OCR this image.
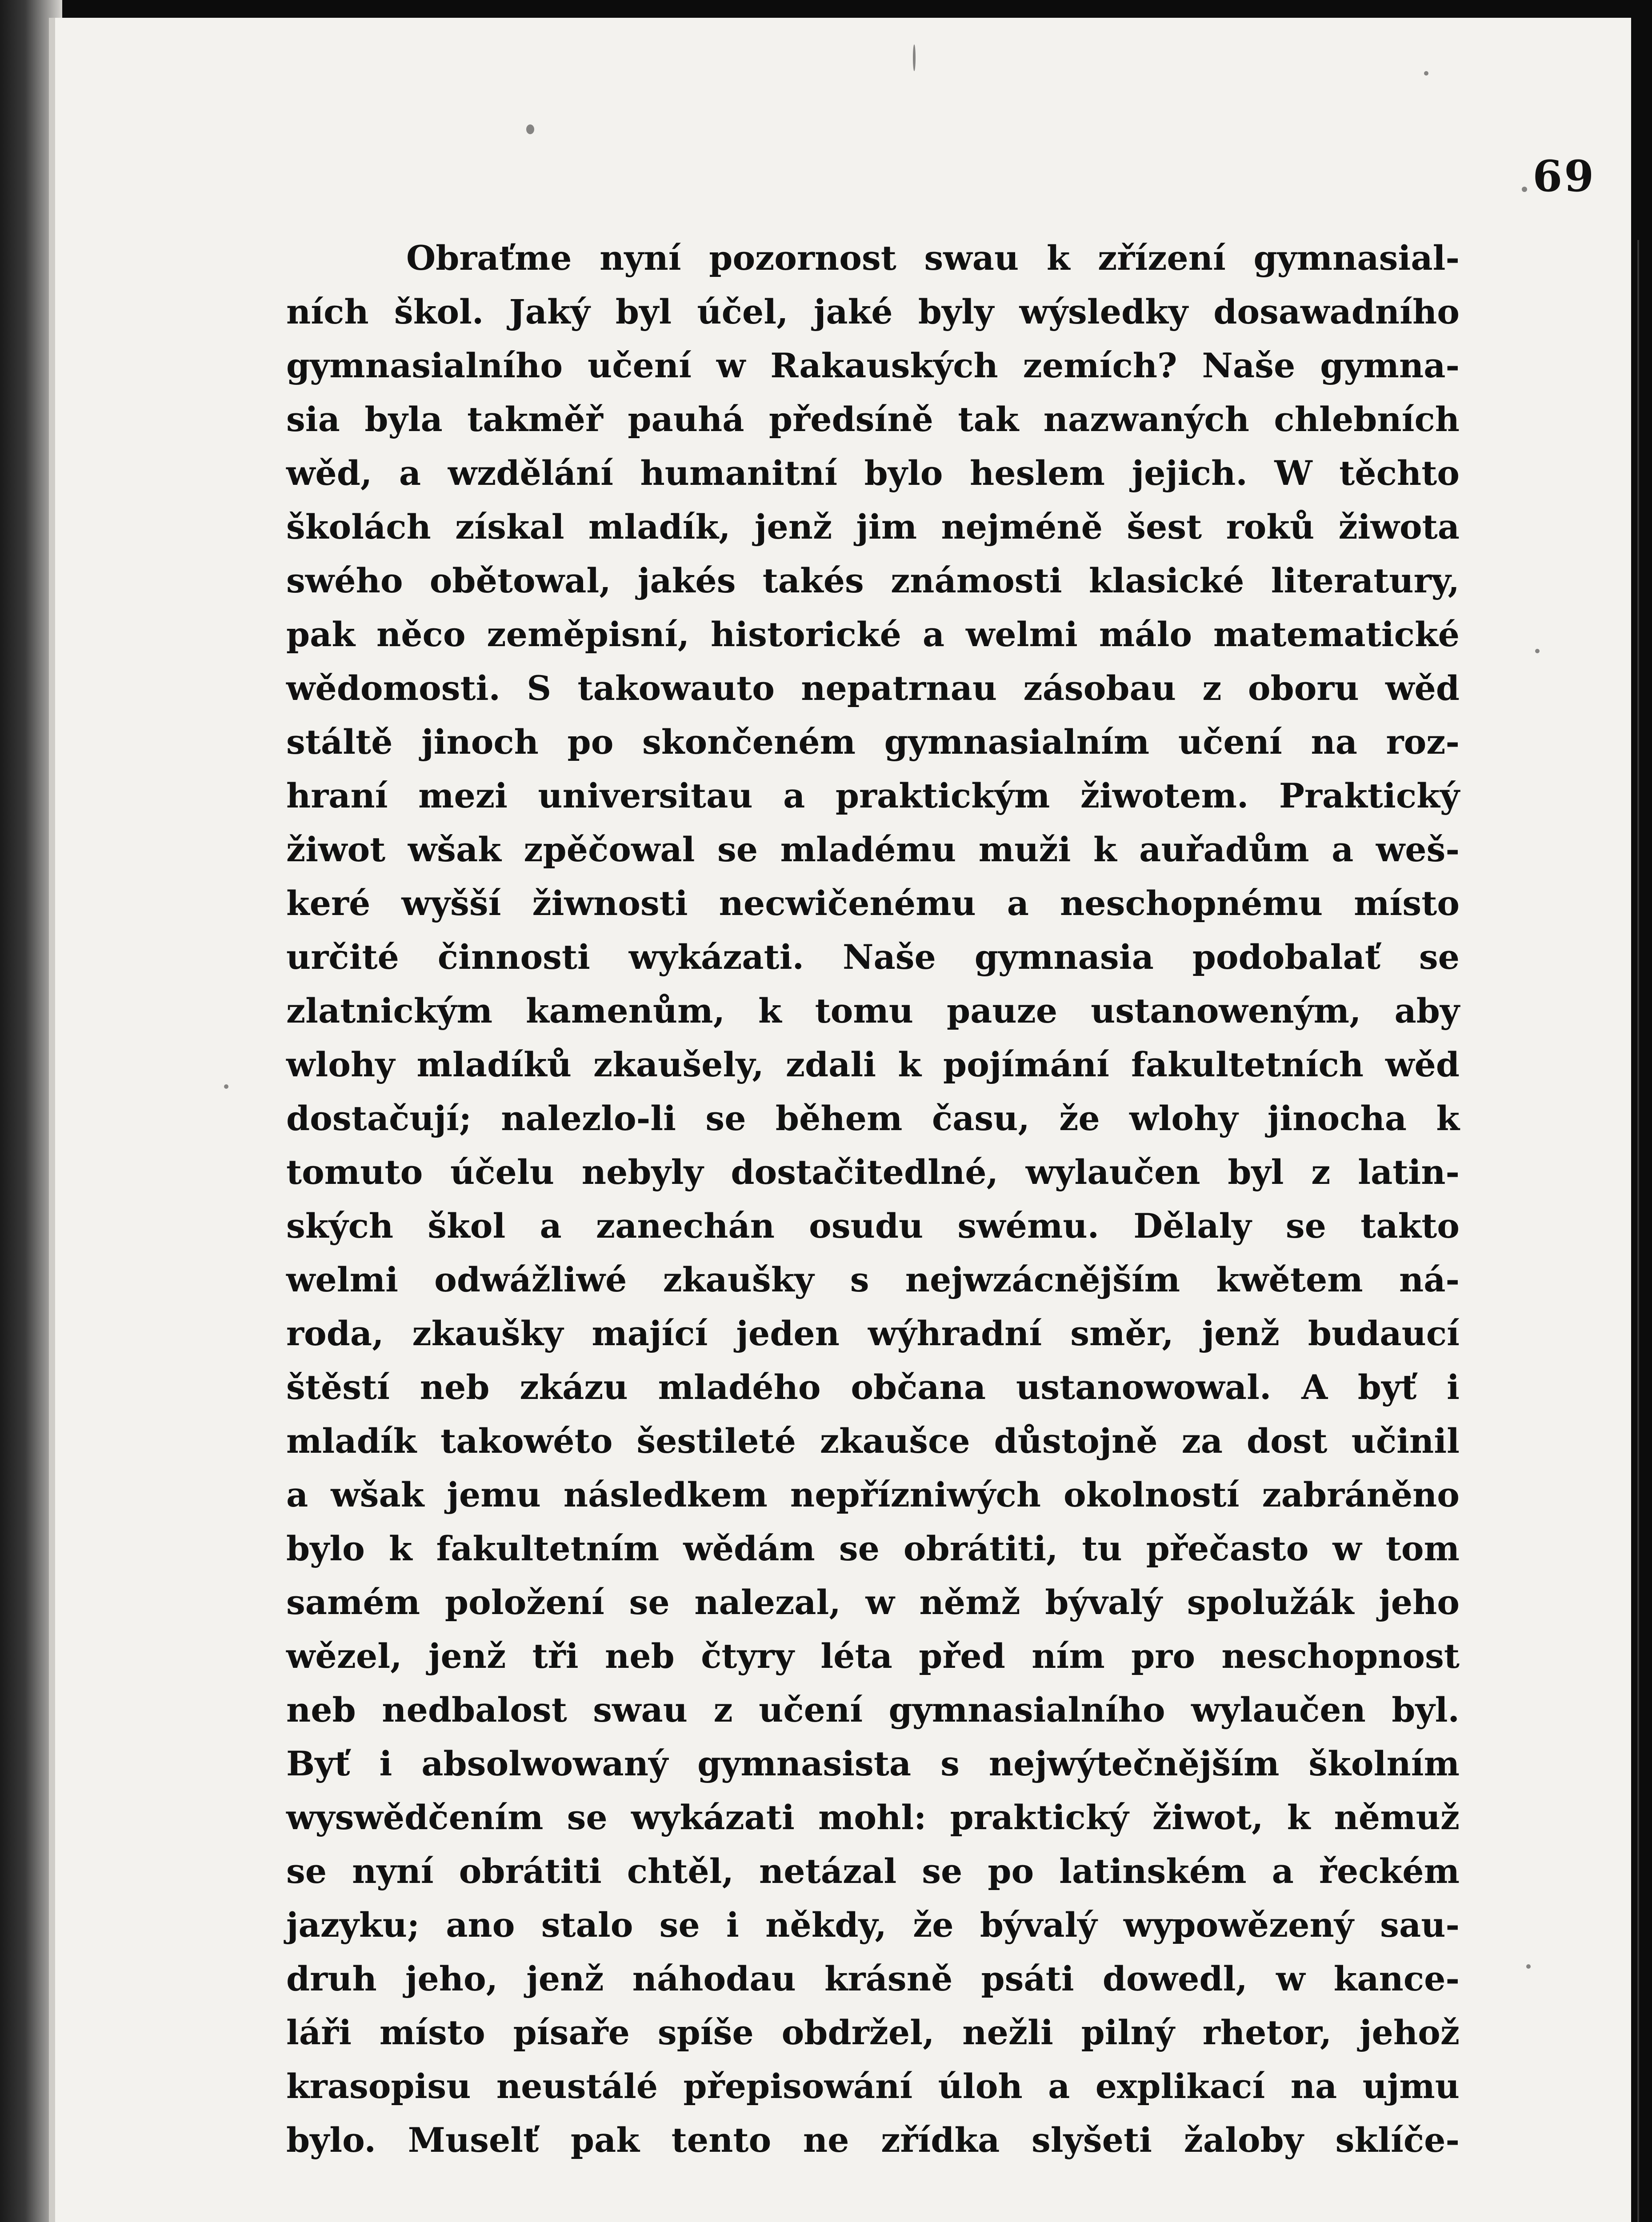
69
Obraťme nyní pozornost swau k zřízení gymnasial-
ních škol. Jaký byl účel, jaké byly wýsledky dosawadního
gymnasialního učení w Rakauských zemích? Naše gymna-
sia byla takměř pauhá předsíně tak nazwaných chlebních
wěd, a wzdělání humanitní bylo heslem jejich. W těchto
školách získal mladík, jenž jim nejméně šest roků žiwota
swého obětowal, jakés takés známosti klasické literatury,
pak něco zeměpisní, historické a welmi málo matematické
wědomosti. S takowauto nepatrnau zásobau z oboru wěd
stáltě jinoch po skončeném gymnasialním učení na roz-
hraní mezi universitau a praktickým žiwotem. Praktický
žiwot wšak zpěčowal se mladému muži k auřadům a weš-
keré wyšší žiwnosti necwičenému a neschopnému místo
určité činnosti wykázati. Naše gymnasia podobalať se
zlatnickým kamenům, k tomu pauze ustanoweným, aby
wlohy mladíků zkaušely, zdali k pojímání fakultetních wěd
dostačují; nalezlo-li se během času, že wlohy jinocha k
tomuto účelu nebyly dostačitedlné, wylaučen byl z latin-
ských škol a zanechán osudu swému. Dělaly se takto
welmi odwážliwé zkaušky s nejwzácnějším kwětem ná-
roda, zkaušky mající jeden wýhradní směr, jenž budaucí
štěstí neb zkázu mladého občana ustanowowal. A byť i
mladík takowéto šestileté zkaušce důstojně za dost učinil
a wšak jemu následkem nepřízniwých okolností zabráněno
bylo k fakultetním wědám se obrátiti, tu přečasto w tom
samém položení se nalezal, w němž bývalý spolužák jeho
wězel, jenž tři neb čtyry léta před ním pro neschopnost
neb nedbalost swau z učení gymnasialního wylaučen byl.
Byť i absolwowaný gymnasista s nejwýtečnějším školním
wyswědčením se wykázati mohl: praktický žiwot, k němuž
se nyní obrátiti chtěl, netázal se po latinském a řeckém
jazyku; ano stalo se i někdy, že bývalý wypowězený sau-
druh jeho, jenž náhodau krásně psáti dowedl, w kance-
láři místo písaře spíše obdržel, nežli pilný rhetor, jehož
krasopisu neustálé přepisowání úloh a explikací na ujmu
bylo. Muselť pak tento ne zřídka slyšeti žaloby sklíče-
